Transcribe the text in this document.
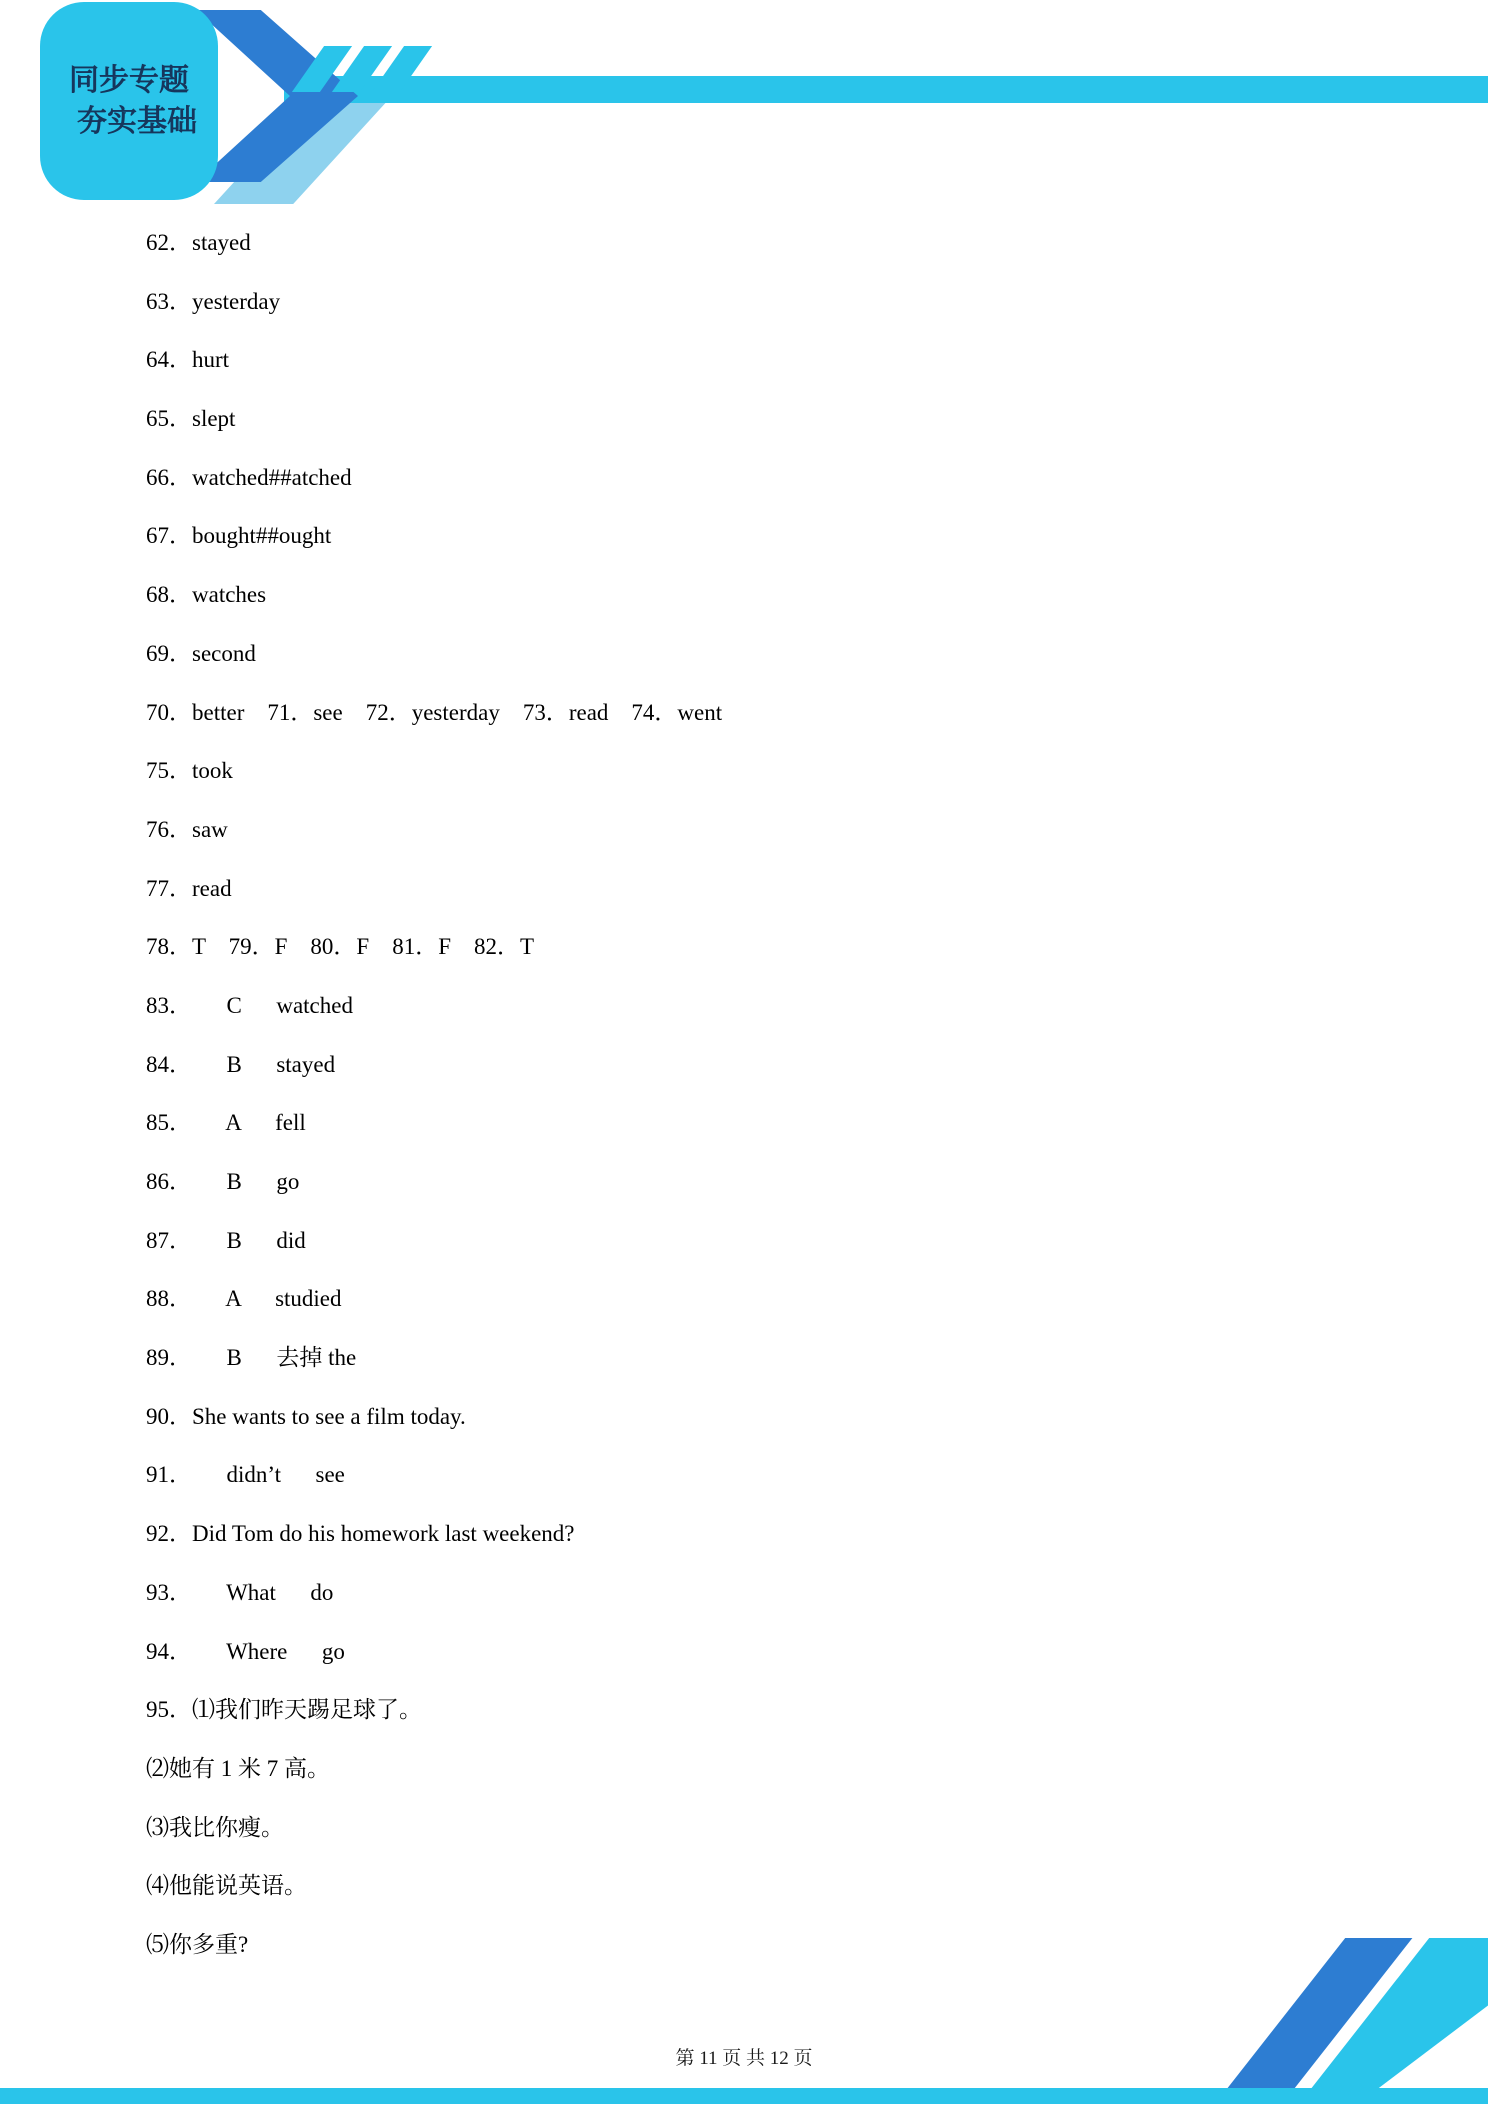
同步专题
夯实基础
62．stayed
63．yesterday
64．hurt
65．slept
66．watched##atched
67．bought##ought
68．watches
69．second
70．better    71．see    72．yesterday    73．read    74．went
75．took
76．saw
77．read
78．T    79．F    80．F    81．F    82．T
83．      C      watched
84．      B      stayed
85．      A      fell
86．      B      go
87．      B      did
88．      A      studied
89．      B      去掉 the
90．She wants to see a film today.
91．      didn’t      see
92．Did Tom do his homework last weekend?
93．      What      do
94．      Where      go
95．⑴我们昨天踢足球了。
⑵她有 1 米 7 高。
⑶我比你瘦。
⑷他能说英语。
⑸你多重?
第 11 页 共 12 页
